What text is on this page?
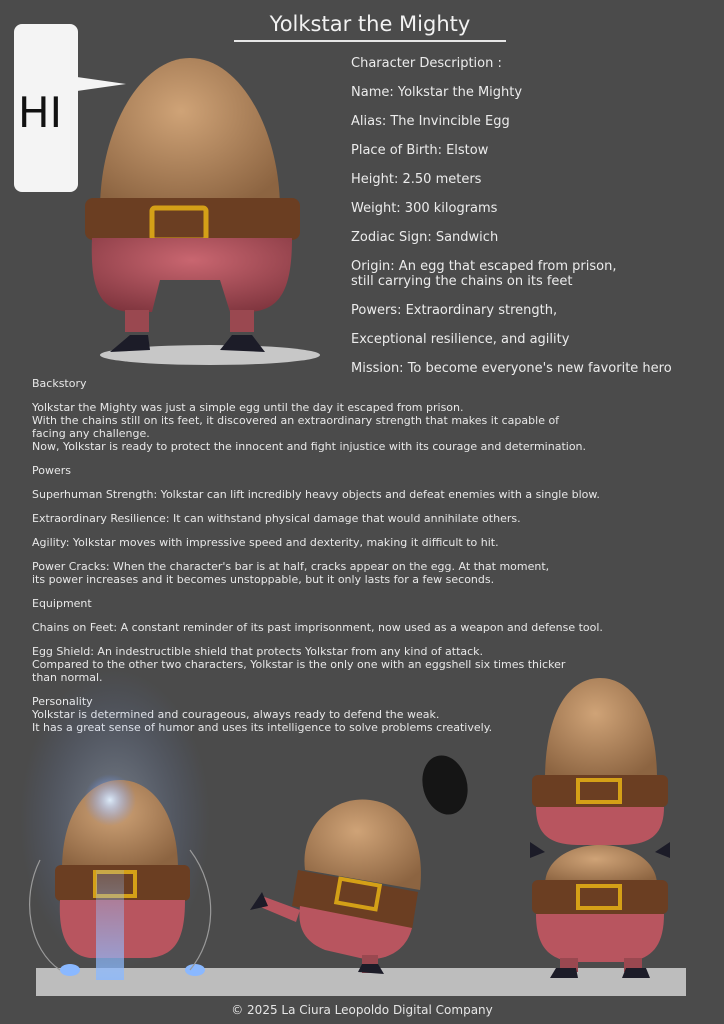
Yolkstar the Mighty
HI
Character Description :
Name: Yolkstar the Mighty
Alias: The Invincible Egg
Place of Birth: Elstow
Height: 2.50 meters
Weight: 300 kilograms
Zodiac Sign: Sandwich
Origin: An egg that escaped from prison,
still carrying the chains on its feet
Powers: Extraordinary strength,
Exceptional resilience, and agility
Mission: To become everyone's new favorite hero
Backstory
Yolkstar the Mighty was just a simple egg until the day it escaped from prison.
With the chains still on its feet, it discovered an extraordinary strength that makes it capable of
facing any challenge.
Now, Yolkstar is ready to protect the innocent and fight injustice with its courage and determination.
Powers
Superhuman Strength: Yolkstar can lift incredibly heavy objects and defeat enemies with a single blow.
Extraordinary Resilience: It can withstand physical damage that would annihilate others.
Agility: Yolkstar moves with impressive speed and dexterity, making it difficult to hit.
Power Cracks: When the character's bar is at half, cracks appear on the egg. At that moment,
its power increases and it becomes unstoppable, but it only lasts for a few seconds.
Equipment
Chains on Feet: A constant reminder of its past imprisonment, now used as a weapon and defense tool.
Egg Shield: An indestructible shield that protects Yolkstar from any kind of attack.
Compared to the other two characters, Yolkstar is the only one with an eggshell six times thicker
than normal.
Personality
Yolkstar is determined and courageous, always ready to defend the weak.
It has a great sense of humor and uses its intelligence to solve problems creatively.
© 2025 La Ciura Leopoldo Digital Company
